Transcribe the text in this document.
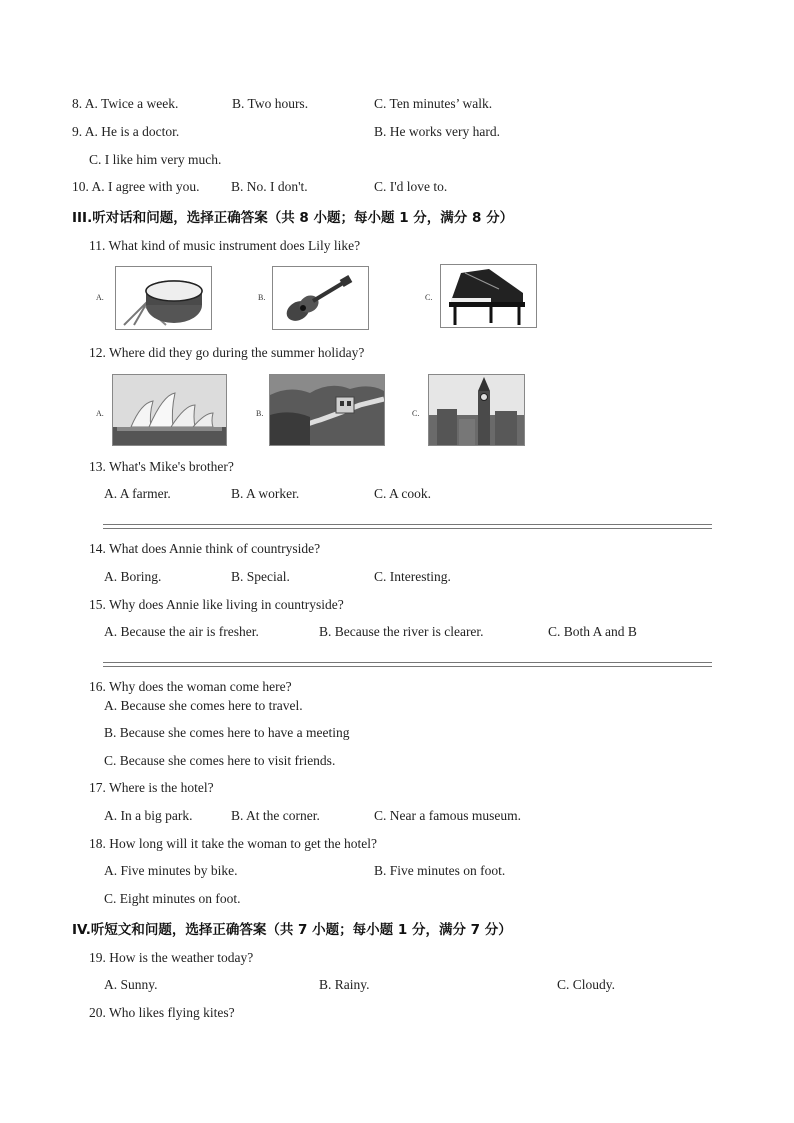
8. A. Twice a week.	B. Two hours.	C. Ten minutes’ walk.
9. A. He is a doctor.	B. He works very hard.
C. I like him very much.
10. A. I agree with you. B. No. I don't.	C. I'd love to.
III.听对话和问题，选择正确答案（共 8 小题；每小题 1 分，满分 8 分）
11. What kind of music instrument does Lily like?
A.	B.	C.
12. Where did they go during the summer holiday?
A.	B.	C.
13. What's Mike's brother?
A. A farmer.	B. A worker.	C. A cook.
14. What does Annie think of countryside?
A. Boring.	B. Special.	C. Interesting.
15. Why does Annie like living in countryside?
A. Because the air is fresher.	B. Because the river is clearer.	C. Both A and B
16. Why does the woman come here?
A. Because she comes here to travel.
B. Because she comes here to have a meeting
C. Because she comes here to visit friends.
17. Where is the hotel?
A. In a big park.	B. At the corner.	C. Near a famous museum.
18. How long will it take the woman to get the hotel?
A. Five minutes by bike.	B. Five minutes on foot.
C. Eight minutes on foot.
IV.听短文和问题，选择正确答案（共 7 小题；每小题 1 分，满分 7 分）
19. How is the weather today?
A. Sunny.	B. Rainy.	C. Cloudy.
20. Who likes flying kites?
